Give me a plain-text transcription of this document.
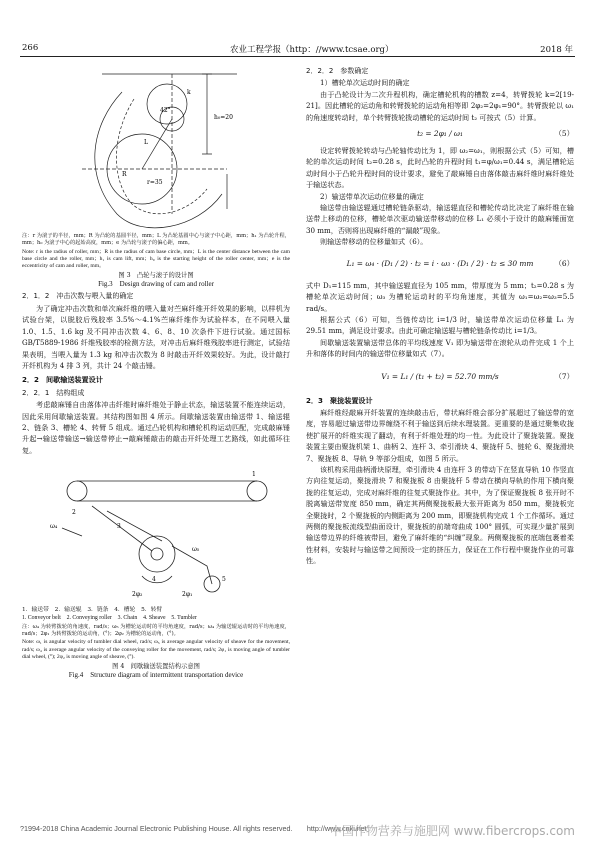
266	农业工程学报（http：//www.tcsae.org）	2018 年
42°
h₀=20
L
r=35
R
k

注：r 为滚子的半径，mm；R 为凸轮的基圆半径，mm；L 为凸轮基圆中心与滚子中心距，mm；h₁ 为凸轮升程，mm；h₀ 为滚子中心的起始高度，mm；e 为凸轮与滚子的偏心距，mm。

Note: r is the radius of roller, mm；R is the radius of cam base circle, mm；L is the center distance between the cam base circle and the roller, mm；h₁ is cam lift, mm；h₀ is the starting height of the roller center, mm；e is the eccentricity of cam and roller, mm。

图 3　凸轮与滚子的设计图
Fig.3　Design drawing of cam and roller
2．1．2　冲击次数与喂入量的确定

为了确定冲击次数和单次麻纤维的喂入量对苎麻纤维开纤效果的影响，以样机为试验台架，以脱胶后残胶率 3.5%～4.1%苎麻纤维作为试验样本，在不同喂入量 1.0、1.5、1.6 kg 及不同冲击次数 4、6、8、10 次条件下进行试验。通过国标 GB/T5889-1986 纤维残胶率的检测方法，对冲击后麻纤维残胶率进行测定，试验结果表明，当喂入量为 1.3 kg 和冲击次数为 8 时敲击开纤效果较好。为此，设计敲打开纤机构为 4 排 3 列，共计 24 个敲击锤。

2．2　间歇输送装置设计
2．2．1　结构组成

考虑敲麻锤自由落体冲击纤维时麻纤维处于静止状态，输送装置不能连续运动，因此采用间歇输送装置。其结构图如图 4 所示。间歇输送装置由输送带 1、输送辊 2、链条 3、槽轮 4、转臂 5 组成。通过凸轮机构和槽轮机构运动匹配，完成敲麻锤升起→输送带输送→输送带停止→敲麻锤敲击的敲击开纤处理工艺路线，如此循环往复。

1
2
3
4	5
ω₄
ω₅
2φ₂	2φ₁

1．输送带　2．输送辊　3．链条　4．槽轮　5．转臂

1. Conveyor belt　2. Conveying roller　3. Chain　4. Sheave　5. Tumbler

注：ω₄ 为转臂拨轮的角速度，rad/s；ω₅ 为槽轮运动时的平均角速度，rad/s；ω₄ 为输送辊运动时的平均角速度，rad/s；2φ₁ 为转臂拨轮的运动角，(°)；2φ₂ 为槽轮的运动角，(°)。

Note: ω₁ is angular velocity of tumbler dial wheel, rad/s; ω₅ is average angular velocity of sheave for the movement, rad/s; ω₄ is average angular velocity of the conveying roller for the movement, rad/s; 2φ₁ is moving angle of tumbler dial wheel, (°); 2φ₂ is moving angle of sheave, (°).

图 4　间歇输送装置结构示意图
Fig.4　Structure diagram of intermittent transportation device
2．2．2　参数确定

1）槽轮单次运动时间的确定

由于凸轮设计为二次升程机构，确定槽轮机构的槽数 z=4，转臂拨轮 k=2[19-21]。因此槽轮的运动角和转臂拨轮的运动角相等即 2φ₂=2φ₁=90°。转臂拨轮以 ω₁ 的角速度转动时，单个转臂拨轮拨动槽轮的运动时间 t₂ 可按式（5）计算。

t₂ = 2φ₁ / ω₁	（5）

设定转臂拨轮转动与凸轮轴传动比为 1，即 ω₂=ω₁，则根据公式（5）可知，槽轮的单次运动时间 t₂=0.28 s，此时凸轮的升程时间 t₁=φ/ω₁=0.44 s，满足槽轮运动时间小于凸轮升程时间的设计要求，避免了敲麻锤自由落体敲击麻纤维时麻纤维处于输送状态。

2）输送带单次运动位移量的确定

输送带由输送辊通过槽轮链条驱动，输送辊直径和槽轮传动比决定了麻纤维在输送带上移动的位移，槽轮单次驱动输送带移动的位移 L₁ 必须小于设计的敲麻锤面宽 30 mm，否则将出现麻纤维的“漏敲”现象。

则输送带移动的位移量如式（6）。

L₁ = ω₄ · (D₁ / 2) · t₂ = i · ω₃ · (D₁ / 2) · t₂ ≤ 30 mm	（6）

式中 D₁=115 mm，其中输送辊直径为 105 mm，带厚度为 5 mm；t₂=0.28 s 为槽轮单次运动时间；ω₃ 为槽轮运动时的平均角速度，其值为 ω₁=ω₂=ω₃=5.5 rad/s。

根据公式（6）可知，当链传动比 i=1/3 时，输送带单次运动位移量 L₁ 为 29.51 mm，满足设计要求。由此可确定输送辊与槽轮链条传动比 i=1/3。

间歇输送装置输送带总体的平均线速度 V₁ 即为输送带在滚轮从动件完成 1 个上升和落体的时间内的输送带位移量如式（7）。

V₁ = L₁ / (t₁ + t₂) = 52.70 mm/s	（7）
2．3　聚拢装置设计

麻纤维经敲麻开纤装置的连续敲击后，带状麻纤维会部分扩展超过了输送带的宽度，容易超过输送带边界缠绕不利于输送到后续水理装置。更重要的是通过聚集收拢使扩展开的纤维实现了翻动，有利于纤维处理的均一性。为此设计了聚拢装置。聚拢装置主要由聚拢机架 1、曲柄 2、连杆 3、牵引滑块 4、聚拢杆 5、链轮 6、聚拢滑块 7、聚拢板 8、导轨 9 等部分组成，如图 5 所示。

该机构采用曲柄滑块原理，牵引滑块 4 由连杆 3 的带动下在竖直导轨 10 作竖直方向往复运动，聚拢滑块 7 和聚拢板 8 由聚拢杆 5 带动在横向导轨的作用下横向聚拢的往复运动，完成对麻纤维的往复式聚拢作业。其中，为了保证聚拢板 8 张开时不脱离输送带宽度 850 mm，确定其两侧聚拢板最大张开距离为 850 mm，聚拢板完全聚拢时，2 个聚拢板的内侧距离为 200 mm，即聚拢机构完成 1 个工作循环。通过两侧的聚拢板流线型曲面设计，聚拢板的前端弯曲成 100° 圆弧，可实现少量扩展到输送带边界的纤维被带回，避免了麻纤维的“纠缠”现象。两侧聚拢板的底端包裹着柔性材料，安装时与输送带之间预设一定的挤压力，保证在工作行程中聚拢作业的可靠性。

?1994-2018 China Academic Journal Electronic Publishing House. All rights reserved.　　http://www.cnki.net
中国作物营养与施肥网 www.fibercrops.com
